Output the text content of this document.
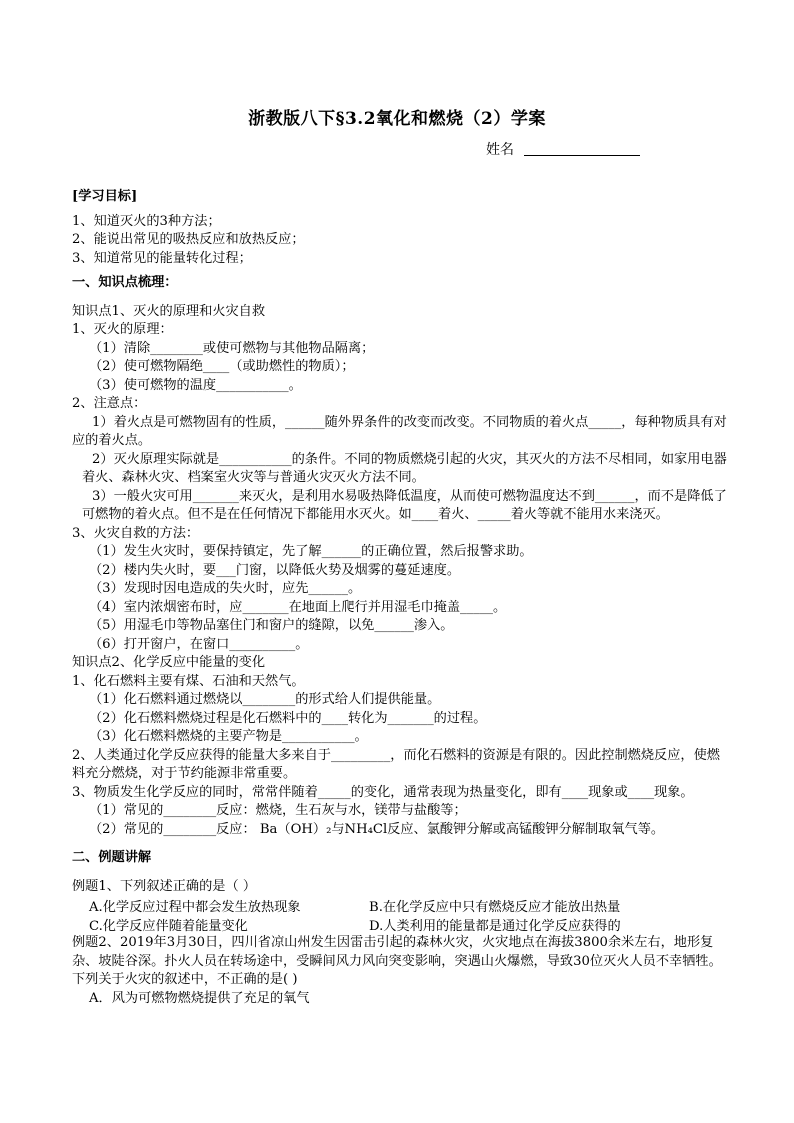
浙教版八下§3.2氧化和燃烧（2）学案
姓名
[学习目标]
1、知道灭火的3种方法；
2、能说出常见的吸热反应和放热反应；
3、知道常见的能量转化过程；
一、知识点梳理：
知识点1、灭火的原理和火灾自救
1、灭火的原理：
（1）清除________或使可燃物与其他物品隔离；
（2）使可燃物隔绝____（或助燃性的物质）；
（3）使可燃物的温度___________。
2、注意点：
1）着火点是可燃物固有的性质，______随外界条件的改变而改变。不同物质的着火点_____，每种物质具有对应的着火点。
2）灭火原理实际就是___________的条件。不同的物质燃烧引起的火灾，其灭火的方法不尽相同，如家用电器着火、森林火灾、档案室火灾等与普通火灾灭火方法不同。
3）一般火灾可用_______来灭火，是利用水易吸热降低温度，从而使可燃物温度达不到______，而不是降低了可燃物的着火点。但不是在任何情况下都能用水灭火。如____着火、_____着火等就不能用水来浇灭。
3、火灾自救的方法：
（1）发生火灾时，要保持镇定，先了解______的正确位置，然后报警求助。
（2）楼内失火时，要___门窗，以降低火势及烟雾的蔓延速度。
（3）发现时因电造成的失火时，应先______。
（4）室内浓烟密布时，应_______在地面上爬行并用湿毛巾掩盖_____。
（5）用湿毛巾等物品塞住门和窗户的缝隙，以免______渗入。
（6）打开窗户，在窗口__________。
知识点2、化学反应中能量的变化
1、化石燃料主要有煤、石油和天然气。
（1）化石燃料通过燃烧以________的形式给人们提供能量。
（2）化石燃料燃烧过程是化石燃料中的____转化为_______的过程。
（3）化石燃料燃烧的主要产物是___________。
2、人类通过化学反应获得的能量大多来自于_________，而化石燃料的资源是有限的。因此控制燃烧反应，使燃料充分燃烧，对于节约能源非常重要。
3、物质发生化学反应的同时，常常伴随着_____的变化，通常表现为热量变化，即有____现象或____现象。
（1）常见的________反应：燃烧，生石灰与水，镁带与盐酸等；
（2）常见的________反应： Ba（OH）₂与NH₄Cl反应、氯酸钾分解或高锰酸钾分解制取氧气等。
二、例题讲解
例题1、下列叙述正确的是（ ）
A.化学反应过程中都会发生放热现象	B.在化学反应中只有燃烧反应才能放出热量
C.化学反应伴随着能量变化	D.人类利用的能量都是通过化学反应获得的
例题2、2019年3月30日，四川省凉山州发生因雷击引起的森林火灾，火灾地点在海拔3800余米左右，地形复杂、坡陡谷深。扑火人员在转场途中，受瞬间风力风向突变影响，突遇山火爆燃，导致30位灭火人员不幸牺牲。下列关于火灾的叙述中，不正确的是( )
A．风为可燃物燃烧提供了充足的氧气
